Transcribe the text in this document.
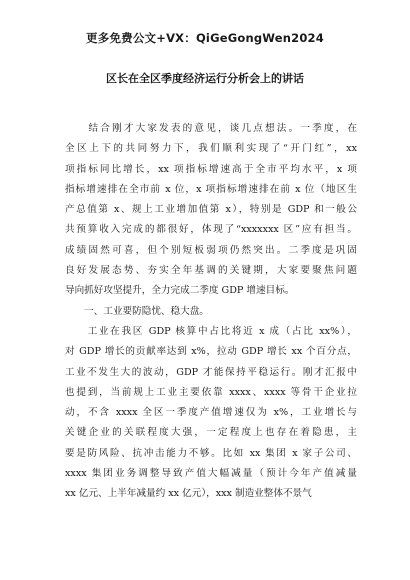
更多免费公文+VX：QiGeGongWen2024
区长在全区季度经济运行分析会上的讲话
　　结合刚才大家发表的意见，谈几点想法。一季度，在
全区上下的共同努力下，我们顺利实现了“开门红”，xx
项指标同比增长，xx 项指标增速高于全市平均水平，x 项
指标增速排在全市前 x 位，x 项指标增速排在前 x 位（地区生
产总值第 x、规上工业增加值第 x），特别是 GDP 和一般公
共预算收入完成的都很好，体现了“xxxxxxx 区”应有担当。
成绩固然可喜，但个别短板弱项仍然突出。二季度是巩固
良好发展态势、夯实全年基调的关键期，大家要聚焦问题
导向抓好攻坚提升，全力完成二季度 GDP 增速目标。
　　一、工业要防隐忧、稳大盘。
　　工业在我区 GDP 核算中占比将近 x 成（占比 xx%），
对 GDP 增长的贡献率达到 x%，拉动 GDP 增长 xx 个百分点，
工业不发生大的波动，GDP 才能保持平稳运行。刚才汇报中
也提到，当前规上工业主要依靠 xxxx、xxxx 等骨干企业拉
动，不含 xxxx 全区一季度产值增速仅为 x%，工业增长与
关键企业的关联程度大强，一定程度上也存在着隐患，主
要是防风险、抗冲击能力不够。比如 xx 集团 x 家子公司、
xxxx 集团业务调整导致产值大幅减量（预计今年产值减量
xx 亿元、上半年减量约 xx 亿元），xxx 制造业整体不景气
